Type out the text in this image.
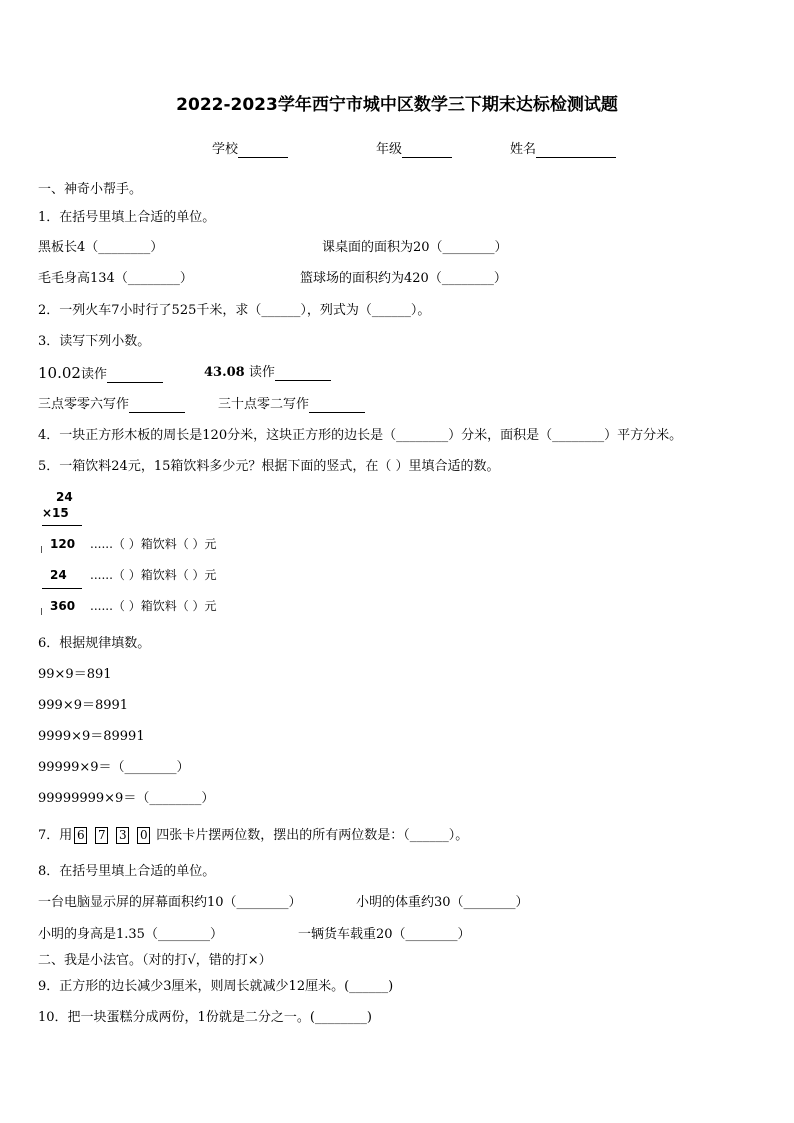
2022-2023学年西宁市城中区数学三下期末达标检测试题
学校	年级	姓名
一、神奇小帮手。
1．在括号里填上合适的单位。
黑板长4（________）	课桌面的面积为20（________）
毛毛身高134（________）	篮球场的面积约为420（________）
2．一列火车7小时行了525千米，求（______），列式为（______）。
3．读写下列小数。
10.02读作	43.08 读作
三点零零六写作	三十点零二写作
4．一块正方形木板的周长是120分米，这块正方形的边长是（________）分米，面积是（________）平方分米。
5．一箱饮料24元，15箱饮料多少元？根据下面的竖式，在（ ）里填合适的数。
24
×15
120 ......（ ）箱饮料（ ）元
24 ......（ ）箱饮料（ ）元
360 ......（ ）箱饮料（ ）元
6．根据规律填数。
99×9＝891
999×9＝8991
9999×9＝89991
99999×9＝（________）
99999999×9＝（________）
7．用 6 7 3 0 四张卡片摆两位数，摆出的所有两位数是：（______）。
8．在括号里填上合适的单位。
一台电脑显示屏的屏幕面积约10（________）	小明的体重约30（________）
小明的身高是1.35（________）	一辆货车载重20（________）
二、我是小法官。（对的打√，错的打×）
9．正方形的边长减少3厘米，则周长就减少12厘米。(______)
10．把一块蛋糕分成两份，1份就是二分之一。(________)
